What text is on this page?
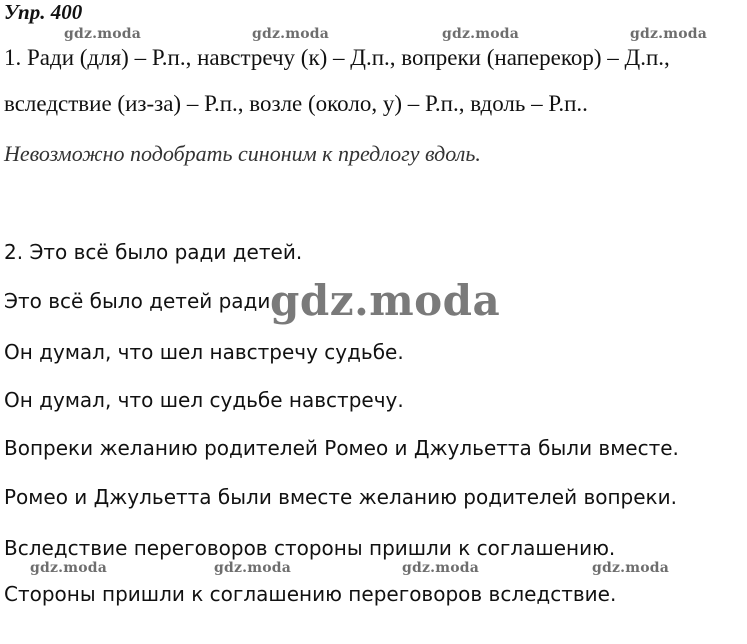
Упр. 400
gdz.moda	gdz.moda	gdz.moda	gdz.moda
1. Ради (для) – Р.п., навстречу (к) – Д.п., вопреки (наперекор) – Д.п.,
вследствие (из-за) – Р.п., возле (около, у) – Р.п., вдоль – Р.п..
Невозможно подобрать синоним к предлогу вдоль.
2. Это всё было ради детей.
Это всё было детей ради.
gdz.moda
Он думал, что шел навстречу судьбе.
Он думал, что шел судьбе навстречу.
Вопреки желанию родителей Ромео и Джульетта были вместе.
Ромео и Джульетта были вместе желанию родителей вопреки.
Вследствие переговоров стороны пришли к соглашению.
gdz.moda	gdz.moda	gdz.moda	gdz.moda
Стороны пришли к соглашению переговоров вследствие.
